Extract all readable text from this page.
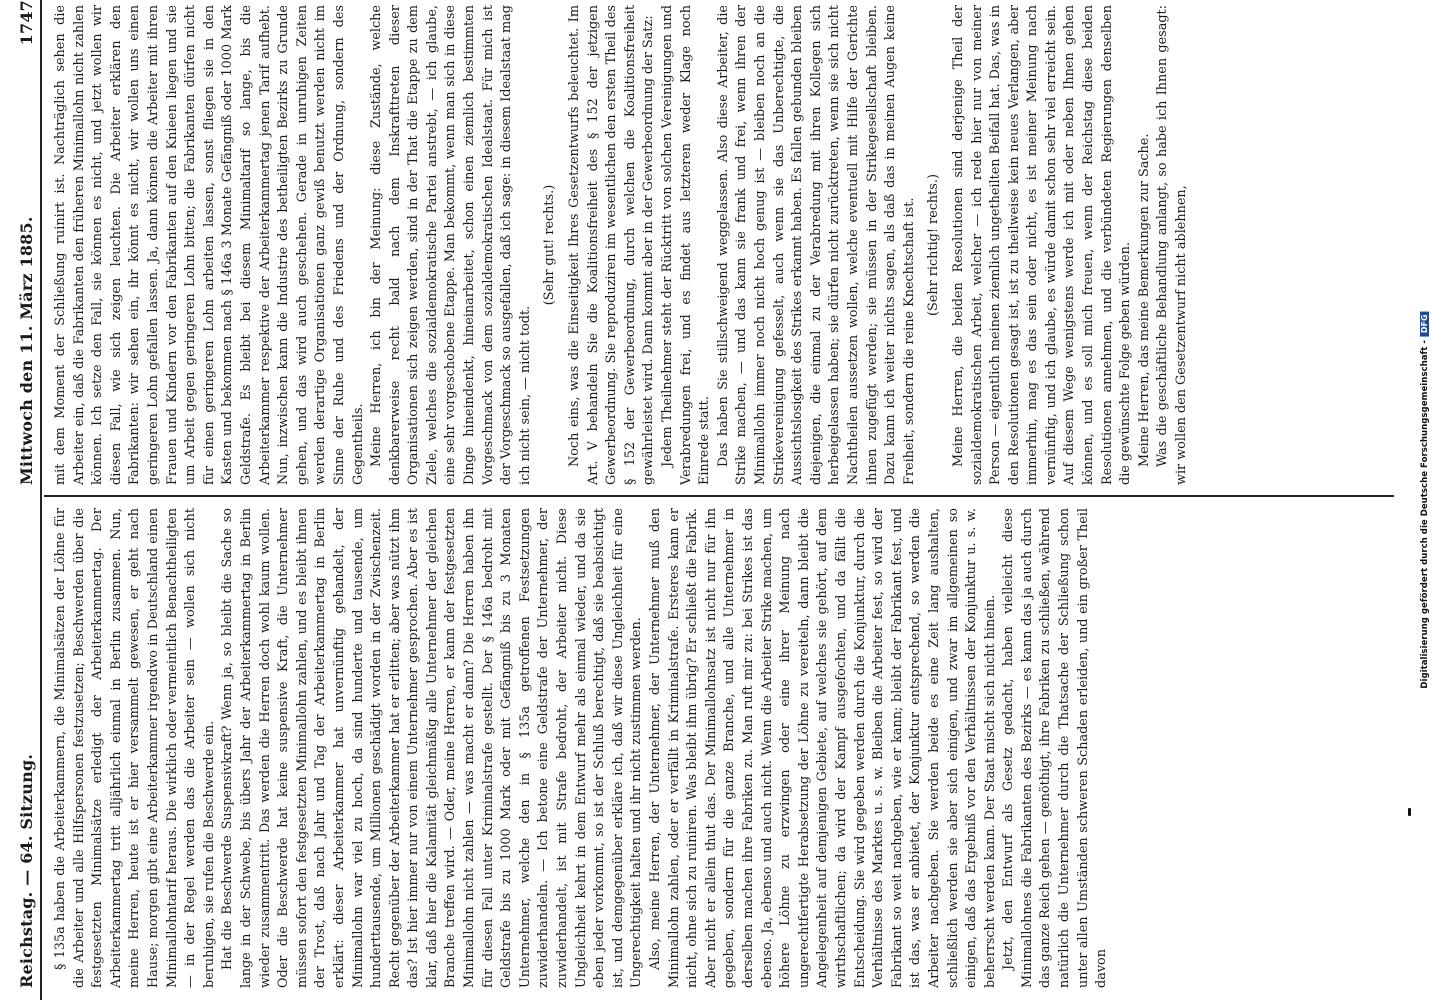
Reichstag. — 64. Sitzung.
Mittwoch den 11. März 1885.
1747

§ 135a haben die Arbeiterkammern, die Minimalsätzen der Löhne für die Arbeiter und alle Hilfspersonen festzusetzen; Beschwerden über die festgesetzten Minimalsätze erledigt der Arbeiterkammertag. Der Arbeiterkammertag tritt alljährlich einmal in Berlin zusammen. Nun, meine Herren, heute ist er hier versammelt gewesen, er geht nach Hause; morgen gibt eine Arbeiterkammer irgendwo in Deutschland einen Minimallohntarif heraus. Die wirklich oder vermeintlich Benachtheiligten — in der Regel werden das die Arbeiter sein — wollen sich nicht beruhigen, sie rufen die Beschwerde ein. Hat die Beschwerde Suspensivkraft? Wenn ja, so bleibt die Sache so lange in der Schwebe, bis übers Jahr der Arbeiterkammertag in Berlin wieder zusammentritt. Das werden die Herren doch wohl kaum wollen. Oder die Beschwerde hat keine suspensive Kraft, die Unternehmer müssen sofort den festgesetzten Minimallohn zahlen, und es bleibt ihnen der Trost, daß nach Jahr und Tag der Arbeiterkammertag in Berlin erklärt: dieser Arbeiterkammer hat unvernünftig gehandelt, der Minimallohn war viel zu hoch, da sind hunderte und tausende, um hunderttausende, um Millionen geschädigt worden in der Zwischenzeit. Recht gegenüber der Arbeiterkammer hat er erlitten; aber was nützt ihm das? Ist hier immer nur von einem Unternehmer gesprochen. Aber es ist klar, daß hier die Kalamität gleichmäßig alle Unternehmer der gleichen Branche treffen wird. — Oder, meine Herren, er kann der festgesetzten Minimallohn nicht zahlen — was macht er dann? Die Herren haben ihn für diesen Fall unter Kriminalstrafe gestellt. Der § 146a bedroht mit Geldstrafe bis zu 1000 Mark oder mit Gefängniß bis zu 3 Monaten Unternehmer, welche den in § 135a getroffenen Festsetzungen zuwiderhandeln. — Ich betone eine Geldstrafe der Unternehmer, der zuwiderhandelt, ist mit Strafe bedroht, der Arbeiter nicht. Diese Ungleichheit kehrt in dem Entwurf mehr als einmal wieder, und da sie eben jeder vorkommt, so ist der Schluß berechtigt, daß sie beabsichtigt ist, und demgegenüber erkläre ich, daß wir diese Ungleichheit für eine Ungerechtigkeit halten und ihr nicht zustimmen werden. Also, meine Herren, der Unternehmer, der Unternehmer muß den Minimallohn zahlen, oder er verfällt in Kriminalstrafe. Ersteres kann er nicht, ohne sich zu ruiniren. Was bleibt ihm übrig? Er schließt die Fabrik. Aber nicht er allein thut das. Der Minimallohnsatz ist nicht nur für ihn gegeben, sondern für die ganze Branche, und alle Unternehmer in derselben machen ihre Fabriken zu. Man ruft mir zu: bei Strikes ist das ebenso. Ja, ebenso und auch nicht. Wenn die Arbeiter Strike machen, um höhere Löhne zu erzwingen oder eine ihrer Meinung nach ungerechtfertigte Herabsetzung der Löhne zu vereiteln, dann bleibt die Angelegenheit auf demjenigen Gebiete, auf welches sie gehört, auf dem wirthschaftlichen; da wird der Kampf ausgefochten, und da fällt die Entscheidung. Sie wird gegeben werden durch die Konjunktur, durch die Verhältnisse des Marktes u. s. w. Bleiben die Arbeiter fest, so wird der Fabrikant so weit nachgeben, wie er kann; bleibt der Fabrikant fest, und ist das, was er anbietet, der Konjunktur entsprechend, so werden die Arbeiter nachgeben. Sie werden beide es eine Zeit lang aushalten, schließlich werden sie aber sich einigen, und zwar im allgemeinen so einigen, daß das Ergebniß vor den Verhältnissen der Konjunktur u. s. w. beherrscht werden kann. Der Staat mischt sich nicht hinein. Jetzt, den Entwurf als Gesetz gedacht, haben vielleicht diese Minimallohnes die Fabrikanten des Bezirks — es kann das ja auch durch das ganze Reich gehen — genöthigt, ihre Fabriken zu schließen, während natürlich die Unternehmer durch die Thatsache der Schließung schon unter allen Umständen schweren Schaden erleiden, und ein großer Theil davon

mit dem Moment der Schließung ruinirt ist. Nachträglich sehen die Arbeiter ein, daß die Fabrikanten den früheren Minimallohn nicht zahlen können. Ich setze den Fall, sie können es nicht, und jetzt wollen wir diesen Fall, wie sich zeigen leuchten. Die Arbeiter erklären den Fabrikanten: wir sehen ein, ihr könnt es nicht, wir wollen uns einen geringeren Lohn gefallen lassen. Ja, dann können die Arbeiter mit ihren Frauen und Kindern vor den Fabrikanten auf den Knieen liegen und sie um Arbeit gegen geringeren Lohn bitten; die Fabrikanten dürfen nicht für einen geringeren Lohn arbeiten lassen, sonst fliegen sie in den Kasten und bekommen nach § 146a 3 Monate Gefängniß oder 1000 Mark Geldstrafe. Es bleibt bei diesem Minimaltarif so lange, bis die Arbeiterkammer respektive der Arbeiterkammertag jenen Tarif aufhebt. Nun, inzwischen kann die Industrie des betheiligten Bezirks zu Grunde gehen, und das wird auch geschehen. Gerade in unruhigen Zeiten werden derartige Organisationen ganz gewiß benutzt werden nicht im Sinne der Ruhe und des Friedens und der Ordnung, sondern des Gegentheils. Meine Herren, ich bin der Meinung: diese Zustände, welche denkbarerweise recht bald nach dem Inskrafttreten dieser Organisationen sich zeigen werden, sind in der That die Etappe zu dem Ziele, welches die sozialdemokratische Partei anstrebt, — ich glaube, eine sehr vorgeschobene Etappe. Man bekommt, wenn man sich in diese Dinge hineindenkt, hineinarbeitet, schon einen ziemlich bestimmten Vorgeschmack von dem sozialdemokratischen Idealstaat. Für mich ist der Vorgeschmack so ausgefallen, daß ich sage: in diesem Idealstaat mag ich nicht sein, — nicht todt.

(Sehr gut! rechts.) Noch eins, was die Einseitigkeit Ihres Gesetzentwurfs beleuchtet. Im Art. V behandeln Sie die Koalitionsfreiheit des § 152 der jetzigen Gewerbeordnung. Sie reproduziren im wesentlichen den ersten Theil des § 152 der Gewerbeordnung, durch welchen die Koalitionsfreiheit gewährleistet wird. Dann kommt aber in der Gewerbeordnung der Satz: Jedem Theilnehmer steht der Rücktritt von solchen Vereinigungen und Verabredungen frei, und es findet aus letzteren weder Klage noch Einrede statt. Das haben Sie stillschweigend weggelassen. Also diese Arbeiter, die Strike machen, — und das kann sie frank und frei, wenn ihren der Minimallohn immer noch nicht hoch genug ist — bleiben noch an die Strikevereinigung gefesselt, auch wenn sie das Unberechtigte, die Aussichtslosigkeit des Strikes erkannt haben. Es fallen gebunden bleiben diejenigen, die einmal zu der Verabredung mit ihren Kollegen sich herbeigelassen haben; sie dürfen nicht zurücktreten, wenn sie sich nicht Nachtheilen aussetzen wollen, welche eventuell mit Hilfe der Gerichte ihnen zugefügt werden; sie müssen in der Strikegesellschaft bleiben. Dazu kann ich weiter nichts sagen, als daß das in meinen Augen keine Freiheit, sondern die reine Knechtschaft ist. (Sehr richtig! rechts.) Meine Herren, die beiden Resolutionen sind derjenige Theil der sozialdemokratischen Arbeit, welcher — ich rede hier nur von meiner Person — eigentlich meinen ziemlich ungetheilten Beifall hat. Das, was in den Resolutionen gesagt ist, ist zu theilweise kein neues Verlangen, aber immerhin, mag es das sein oder nicht, es ist meiner Meinung nach vernünftig, und ich glaube, es würde damit schon sehr viel erreicht sein. Auf diesem Wege wenigstens werde ich mit oder neben Ihnen gehen können, und es soll mich freuen, wenn der Reichstag diese beiden Resolutionen annehmen, und die verbündeten Regierungen denselben die gewünschte Folge geben würden. Meine Herren, das meine Bemerkungen zur Sache. Was die geschäftliche Behandlung anlangt, so habe ich Ihnen gesagt: wir wollen den Gesetzentwurf nicht ablehnen,

Digitalisierung gefördert durch die Deutsche Forschungsgemeinschaft -DFG
